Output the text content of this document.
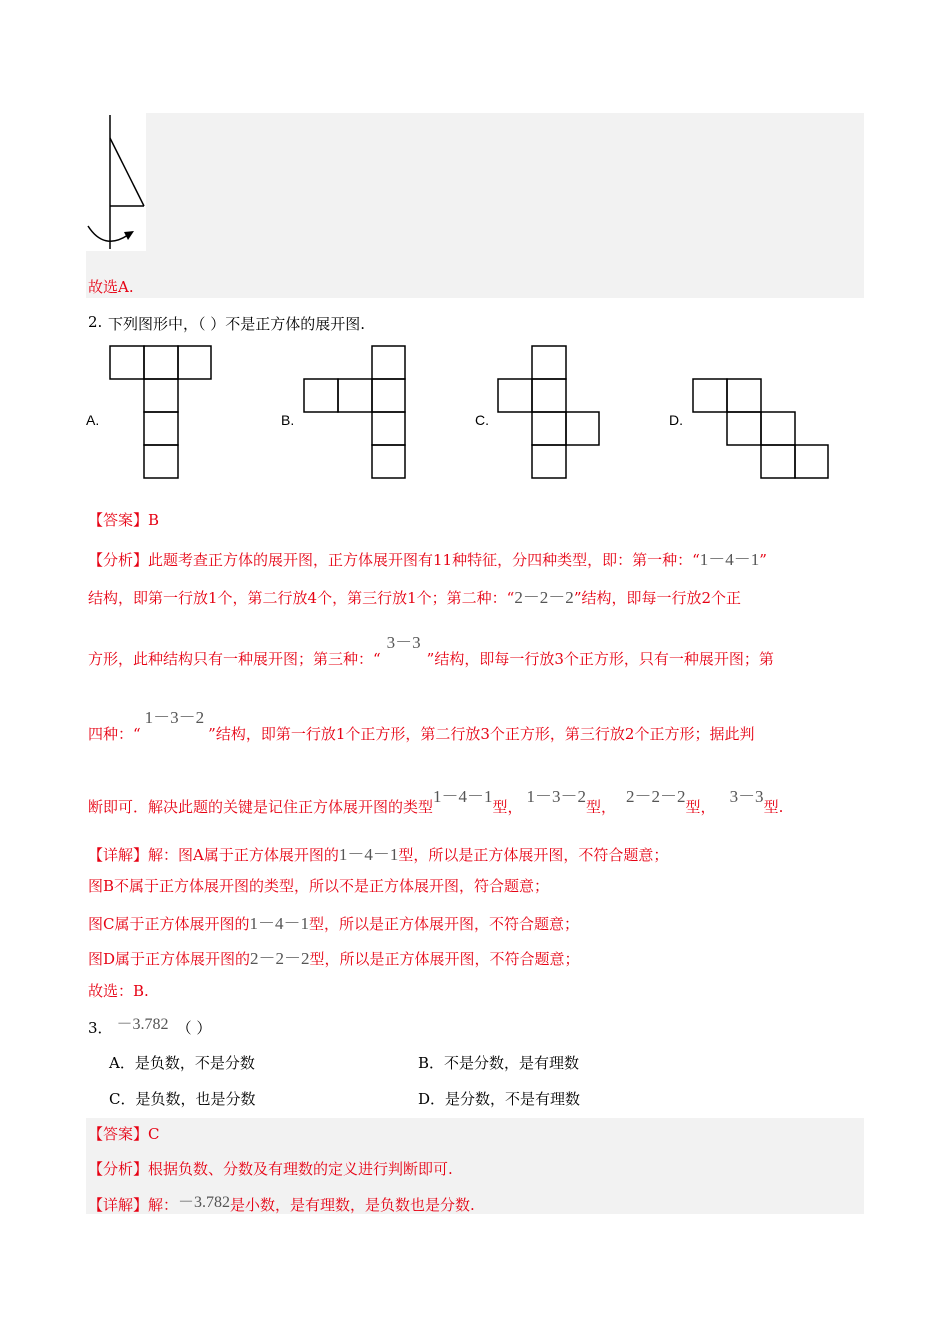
故选A.
2. 下列图形中，（ ）不是正方体的展开图.
A.	B.	C.	D.
【答案】B
【分析】此题考查正方体的展开图，正方体展开图有11种特征，分四种类型，即：第一种：“1－4－1”
结构，即第一行放1个，第二行放4个，第三行放1个；第二种：“2－2－2”结构，即每一行放2个正
方形，此种结构只有一种展开图；第三种：“3－3”结构，即每一行放3个正方形，只有一种展开图；第
四种：“1－3－2”结构，即第一行放1个正方形，第二行放3个正方形，第三行放2个正方形；据此判
断即可．解决此题的关键是记住正方体展开图的类型1－4－1型，1－3－2型，2－2－2型，3－3型.
【详解】解：图A属于正方体展开图的1－4－1型，所以是正方体展开图，不符合题意；
图B不属于正方体展开图的类型，所以不是正方体展开图，符合题意；
图C属于正方体展开图的1－4－1型，所以是正方体展开图，不符合题意；
图D属于正方体展开图的2－2－2型，所以是正方体展开图，不符合题意；
故选：B.
3． －3.782 （ ）
A．是负数，不是分数	B．不是分数，是有理数
C．是负数，也是分数	D．是分数，不是有理数
【答案】C
【分析】根据负数、分数及有理数的定义进行判断即可.
【详解】解：－3.782是小数，是有理数，是负数也是分数.
